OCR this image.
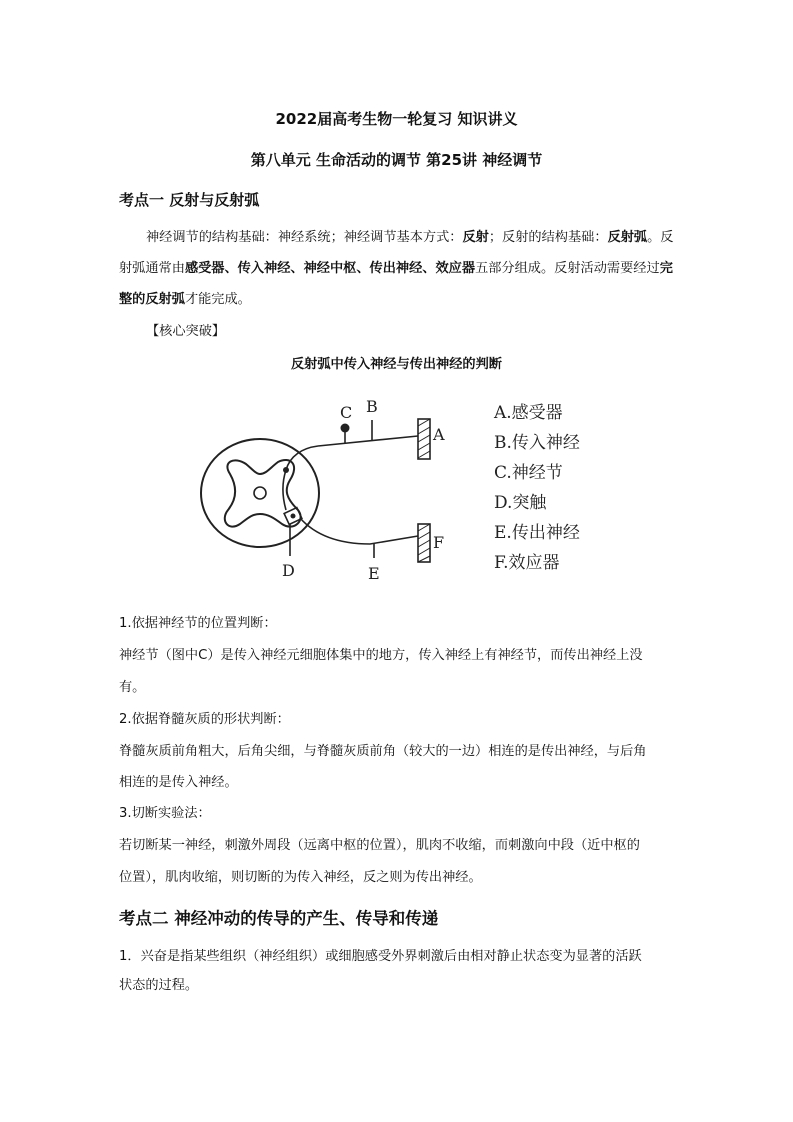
2022届高考生物一轮复习 知识讲义
第八单元 生命活动的调节 第25讲 神经调节
考点一 反射与反射弧
神经调节的结构基础：神经系统；神经调节基本方式：反射；反射的结构基础：反射弧。反射弧通常由感受器、传入神经、神经中枢、传出神经、效应器五部分组成。反射活动需要经过完整的反射弧才能完成。
【核心突破】
反射弧中传入神经与传出神经的判断
C B
A
F
D	E
A.感受器
B.传入神经
C.神经节
D.突触
E.传出神经
F.效应器
1.依据神经节的位置判断：
神经节（图中C）是传入神经元细胞体集中的地方，传入神经上有神经节，而传出神经上没
有。
2.依据脊髓灰质的形状判断：
脊髓灰质前角粗大，后角尖细，与脊髓灰质前角（较大的一边）相连的是传出神经，与后角
相连的是传入神经。
3.切断实验法：
若切断某一神经，刺激外周段（远离中枢的位置），肌肉不收缩，而刺激向中段（近中枢的
位置），肌肉收缩，则切断的为传入神经，反之则为传出神经。
考点二 神经冲动的传导的产生、传导和传递
1．兴奋是指某些组织（神经组织）或细胞感受外界刺激后由相对静止状态变为显著的活跃
状态的过程。
